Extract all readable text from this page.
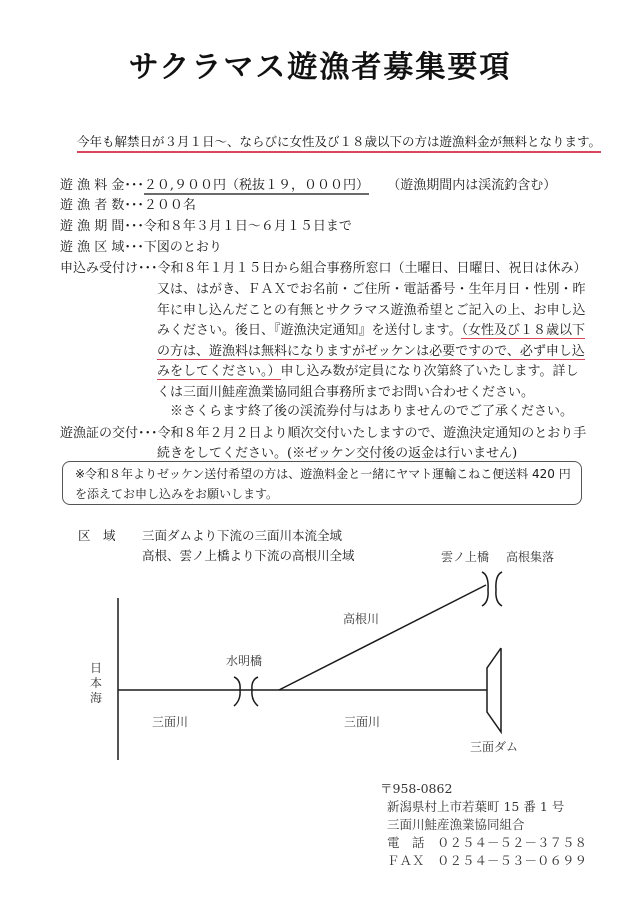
サクラマス遊漁者募集要項
今年も解禁日が３月１日～、ならびに女性及び１８歳以下の方は遊漁料金が無料となります。
遊 漁 料 金･･･２０,９００円（税抜１９，０００円） （遊漁期間内は渓流釣含む）
遊 漁 者 数･･･２００名
遊 漁 期 間･･･令和８年３月１日～６月１５日まで
遊 漁 区 域･･･下図のとおり
申込み受付け･･･令和８年１月１５日から組合事務所窓口（土曜日、日曜日、祝日は休み）
又は、はがき、ＦＡＸでお名前・ご住所・電話番号・生年月日・性別・昨年に申し込んだことの有無とサクラマス遊漁希望とご記入の上、お申し込みください。後日、『遊漁決定通知』を送付します。（女性及び１８歳以下の方は、遊漁料は無料になりますがゼッケンは必要ですので、必ず申し込みをしてください。）申し込み数が定員になり次第終了いたします。詳しくは三面川鮭産漁業協同組合事務所までお問い合わせください。
※さくらます終了後の渓流券付与はありませんのでご了承ください。
遊漁証の交付･･･令和８年２月２日より順次交付いたしますので、遊漁決定通知のとおり手
続きをしてください。(※ゼッケン交付後の返金は行いません)
※令和８年よりゼッケン送付希望の方は、遊漁料金と一緒にヤマト運輸こねこ便送料 420 円を添えてお申し込みをお願いします。
区　域 三面ダムより下流の三面川本流全域
高根、雲ノ上橋より下流の高根川全域	雲ノ上橋 高根集落
高根川
水明橋
日本海
三面川	三面川
三面ダム
〒958-0862
新潟県村上市若葉町 15 番 1 号
三面川鮭産漁業協同組合
電　話　０２５４－５２－３７５８
ＦＡＸ　０２５４－５３－０６９９
